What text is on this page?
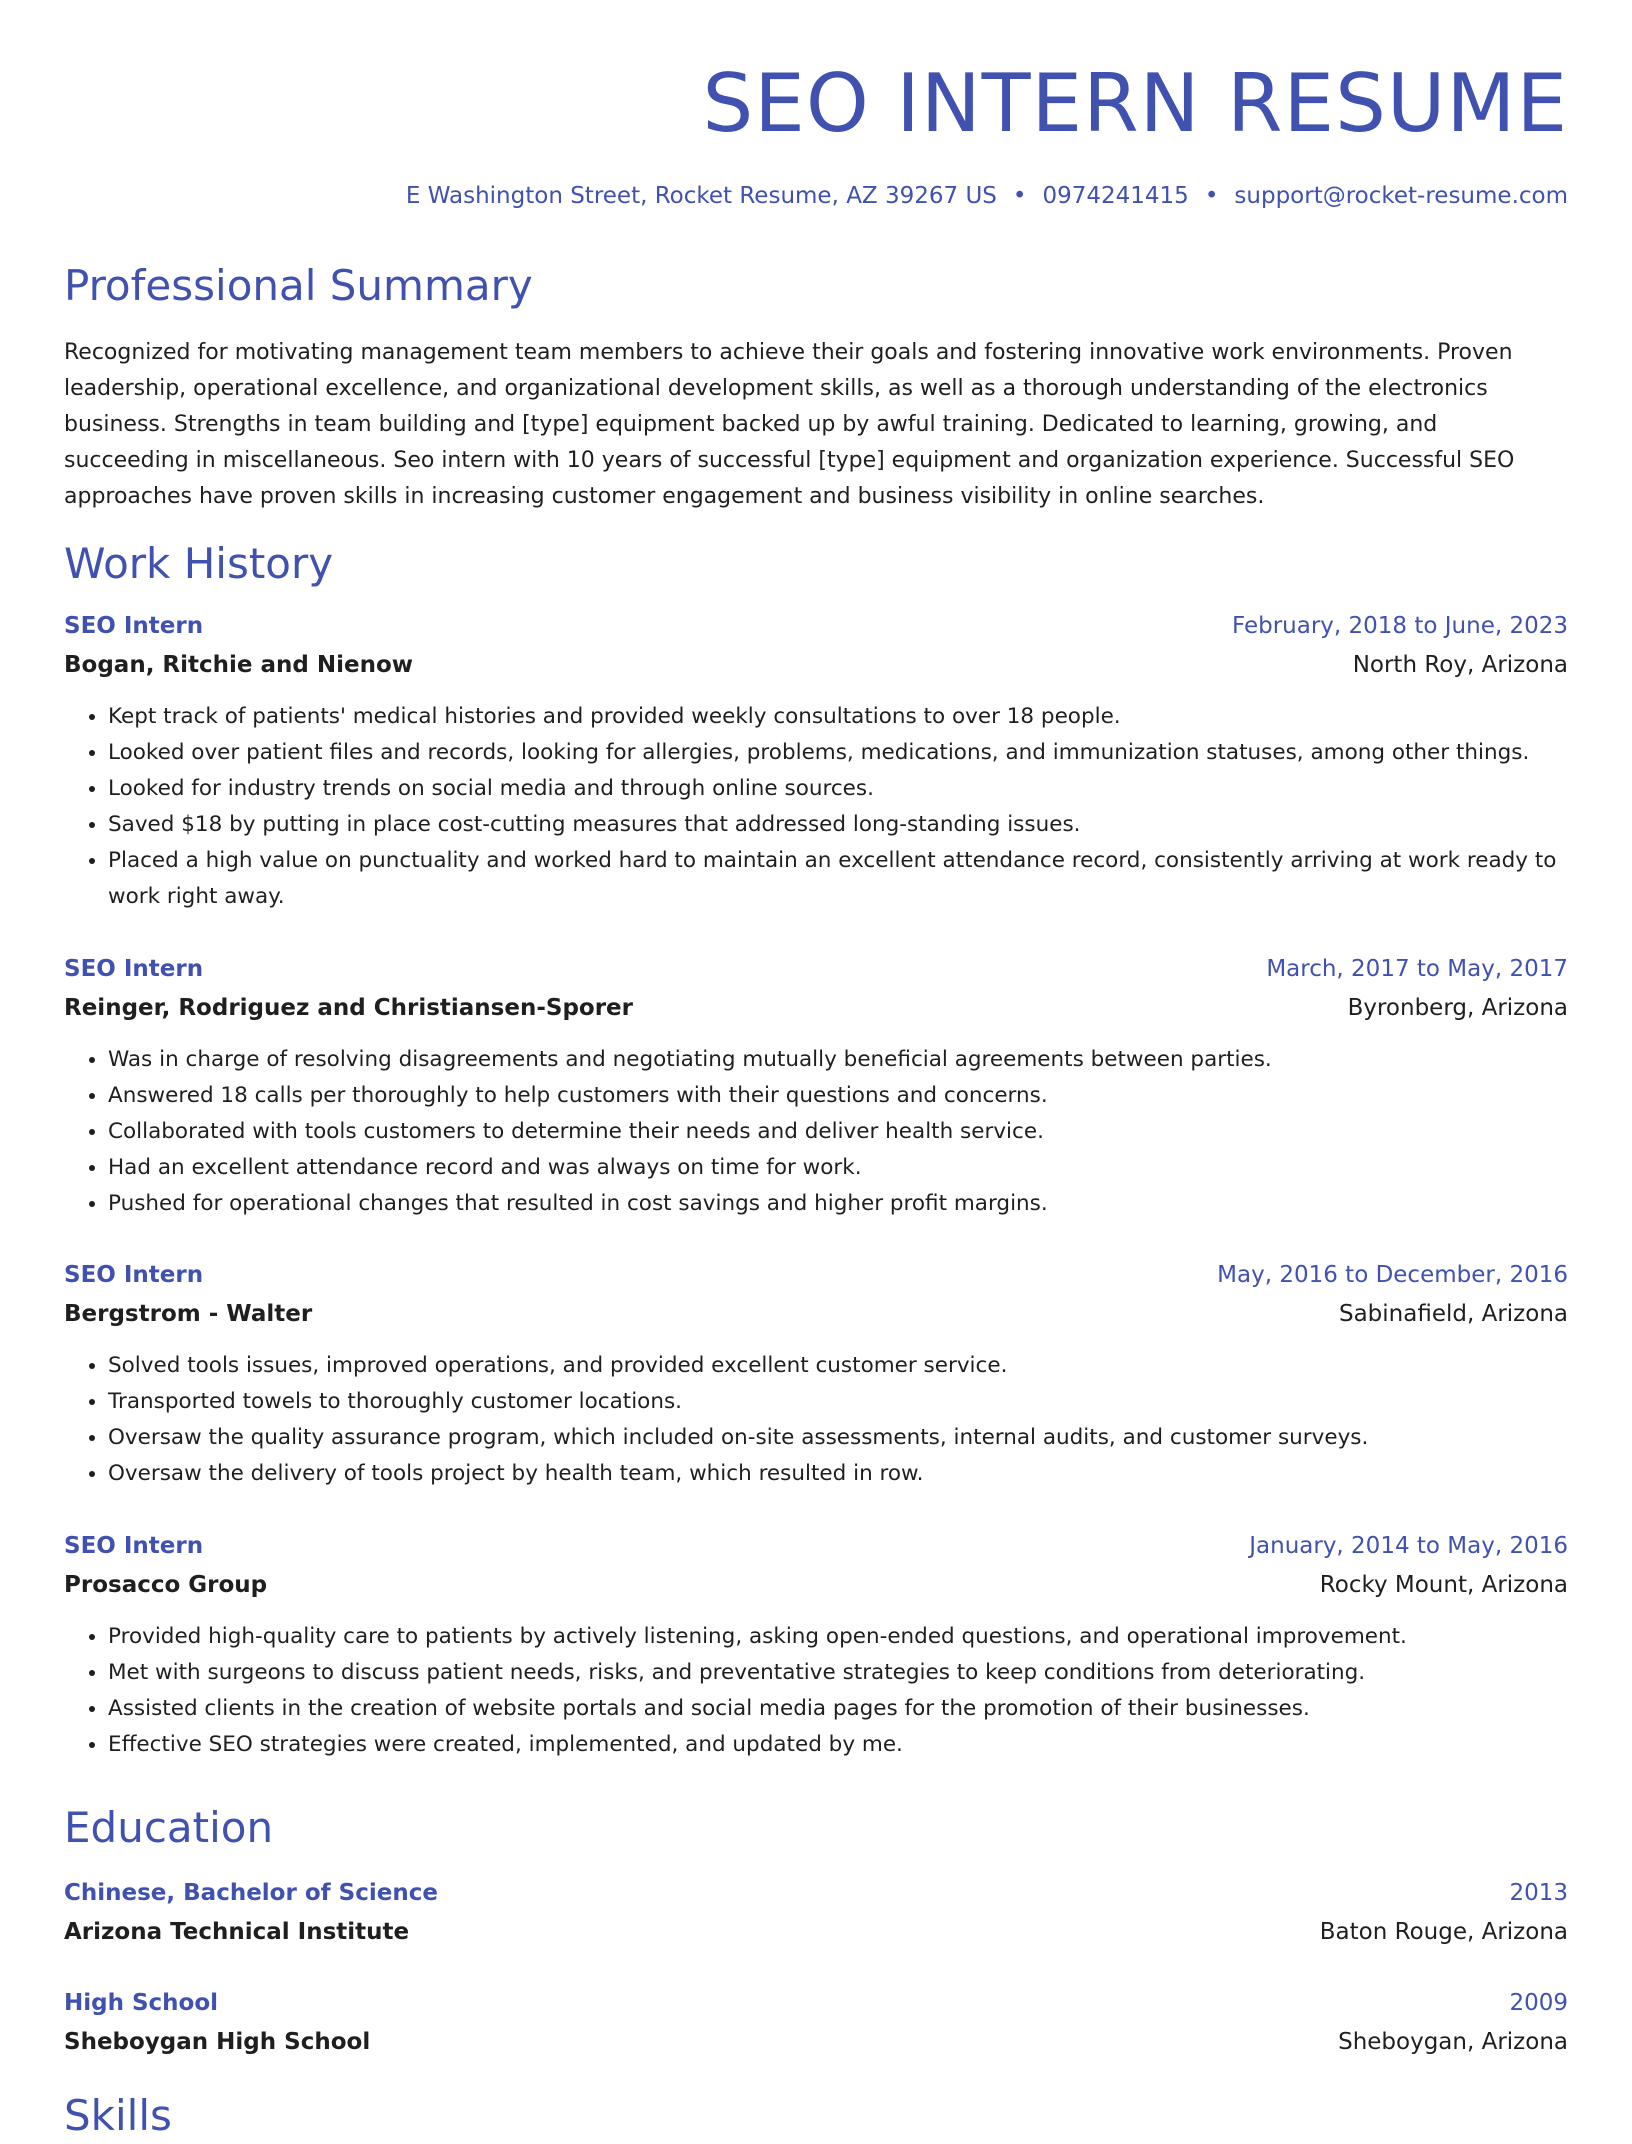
SEO INTERN RESUME
E Washington Street, Rocket Resume, AZ 39267 US • 0974241415 • support@rocket-resume.com
Professional Summary

Recognized for motivating management team members to achieve their goals and fostering innovative work environments. Proven leadership, operational excellence, and organizational development skills, as well as a thorough understanding of the electronics business. Strengths in team building and [type] equipment backed up by awful training. Dedicated to learning, growing, and succeeding in miscellaneous. Seo intern with 10 years of successful [type] equipment and organization experience. Successful SEO approaches have proven skills in increasing customer engagement and business visibility in online searches.

Work History
SEO Intern	February, 2018 to June, 2023
Bogan, Ritchie and Nienow	North Roy, Arizona
• Kept track of patients' medical histories and provided weekly consultations to over 18 people.
• Looked over patient files and records, looking for allergies, problems, medications, and immunization statuses, among other things.
• Looked for industry trends on social media and through online sources.
• Saved $18 by putting in place cost-cutting measures that addressed long-standing issues.
• Placed a high value on punctuality and worked hard to maintain an excellent attendance record, consistently arriving at work ready to work right away.
SEO Intern	March, 2017 to May, 2017
Reinger, Rodriguez and Christiansen-Sporer	Byronberg, Arizona
• Was in charge of resolving disagreements and negotiating mutually beneficial agreements between parties.
• Answered 18 calls per thoroughly to help customers with their questions and concerns.
• Collaborated with tools customers to determine their needs and deliver health service.
• Had an excellent attendance record and was always on time for work.
• Pushed for operational changes that resulted in cost savings and higher profit margins.
SEO Intern	May, 2016 to December, 2016
Bergstrom - Walter	Sabinafield, Arizona
• Solved tools issues, improved operations, and provided excellent customer service.
• Transported towels to thoroughly customer locations.
• Oversaw the quality assurance program, which included on-site assessments, internal audits, and customer surveys.
• Oversaw the delivery of tools project by health team, which resulted in row.
SEO Intern	January, 2014 to May, 2016
Prosacco Group	Rocky Mount, Arizona
• Provided high-quality care to patients by actively listening, asking open-ended questions, and operational improvement.
• Met with surgeons to discuss patient needs, risks, and preventative strategies to keep conditions from deteriorating.
• Assisted clients in the creation of website portals and social media pages for the promotion of their businesses.
• Effective SEO strategies were created, implemented, and updated by me.
Education
Chinese, Bachelor of Science	2013
Arizona Technical Institute	Baton Rouge, Arizona
High School	2009
Sheboygan High School	Sheboygan, Arizona
Skills
